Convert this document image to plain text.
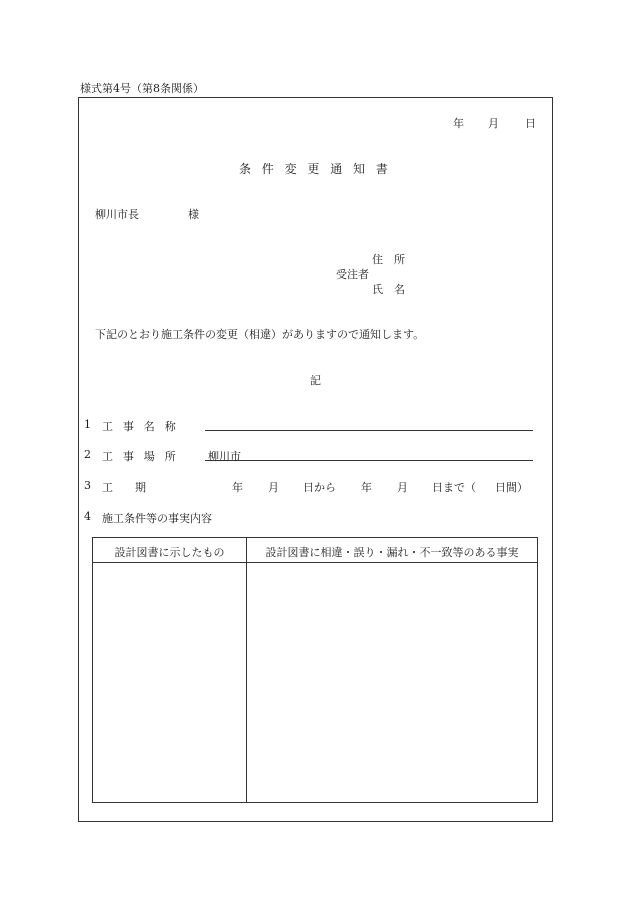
様式第4号（第8条関係）
年 月 日
条件変更通知書
柳川市長	様
住　所
受注者
氏　名
下記のとおり施工条件の変更（相違）がありますので通知します。
記
1 工事名称
2 工事場所 柳川市
3 工　　期	年 月 日から 年 月 日まで（ 日間）
4 施工条件等の事実内容
設計図書に示したもの	設計図書に相違・誤り・漏れ・不一致等のある事実
